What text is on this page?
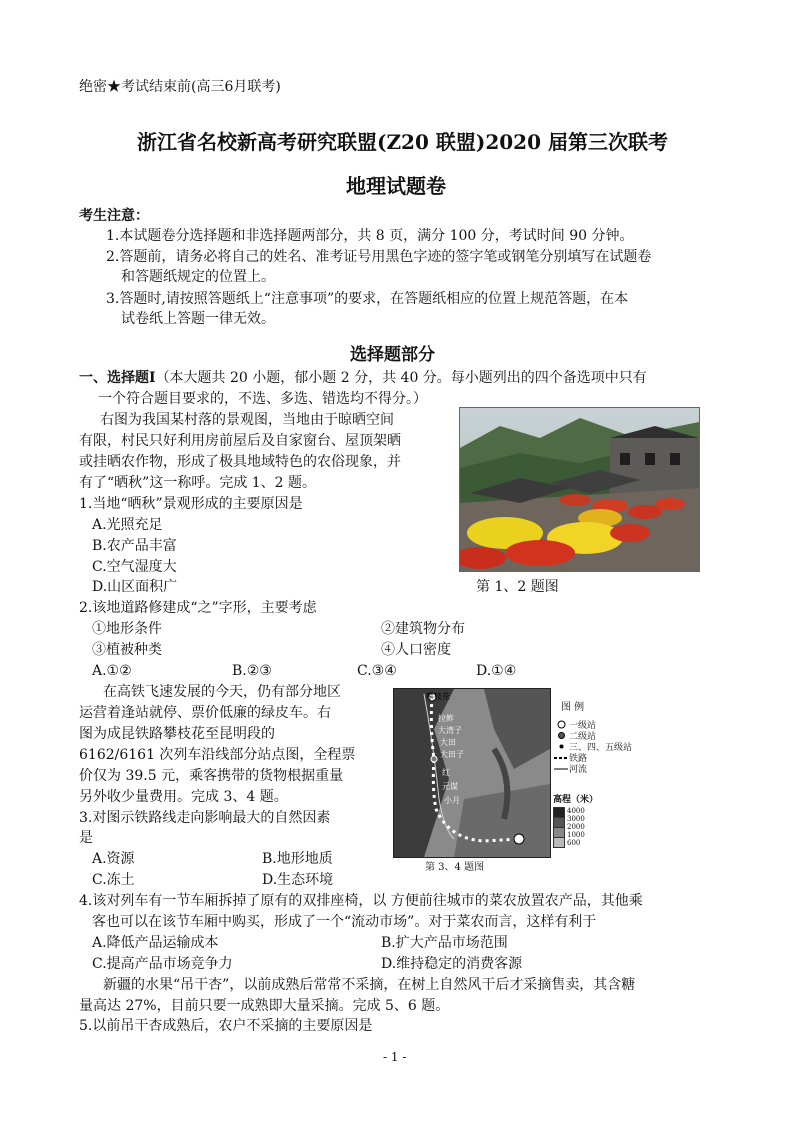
绝密★考试结束前(高三6月联考)
浙江省名校新高考研究联盟(Z20 联盟)2020 届第三次联考
地理试题卷
考生注意：
1.本试题卷分选择题和非选择题两部分，共 8 页，满分 100 分，考试时间 90 分钟。
2.答题前，请务必将自己的姓名、准考证号用黑色字迹的签字笔或钢笔分别填写在试题卷
和答题纸规定的位置上。
3.答题时,请按照答题纸上“注意事项”的要求，在答题纸相应的位置上规范答题，在本
试卷纸上答题一律无效。
选择题部分
一、选择题Ⅰ（本大题共 20 小题，郁小题 2 分，共 40 分。每小题列出的四个备选项中只有
一个符合题目要求的，不选、多选、错选均不得分。）
右图为我国某村落的景观图，当地由于晾晒空间
有限，村民只好利用房前屋后及自家窗台、屋顶架晒
或挂晒农作物，形成了极具地域特色的农俗现象，并
有了“晒秋”这一称呼。完成 1、2 题。
1.当地“晒秋”景观形成的主要原因是
A.光照充足
B.农产品丰富
C.空气湿度大
D.山区面积广	第 1、2 题图
2.该地道路修建成“之”字形，主要考虑
①地形条件	②建筑物分布
③植被种类	④人口密度
A.①②	B.②③	C.③④	D.①④
在高铁飞速发展的今天，仍有部分地区
运营着逢站就停、票价低廉的绿皮车。右
图为成昆铁路攀枝花至昆明段的
6162/6161 次列车沿线部分站点图，全程票
价仅为 39.5 元，乘客携带的货物根据重量
另外收少量费用。完成 3、4 题。
3.对图示铁路线走向影响最大的自然因素
是
A.资源	B.地形地质
C.冻土	D.生态环境
攀枝花
拉鲊
大湾子
大田
大田子
红
元谋
小月
第 3、4 题图
图 例
一级站
二级站
三、四、五级站
铁路
河流
高程（米）
4000
3000
2000
1000
600
4.该对列车有一节车厢拆掉了原有的双排座椅，以 方便前往城市的菜农放置农产品，其他乘
客也可以在该节车厢中购买，形成了一个“流动市场”。对于菜农而言，这样有利于
A.降低产品运输成本	B.扩大产品市场范围
C.提高产品市场竞争力	D.维持稳定的消费客源
新疆的水果“吊干杏”，以前成熟后常常不采摘，在树上自然风干后才采摘售卖，其含糖
量高达 27%，目前只要一成熟即大量采摘。完成 5、6 题。
5.以前吊干杏成熟后，农户不采摘的主要原因是
- 1 -
